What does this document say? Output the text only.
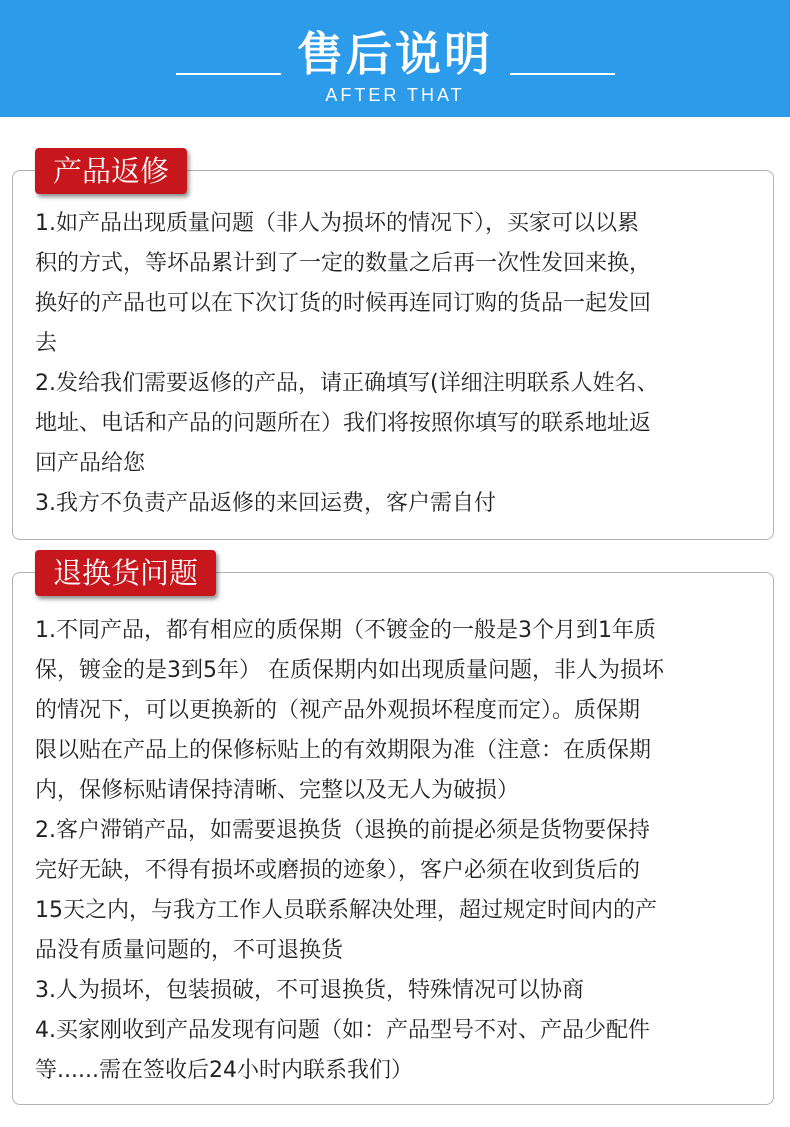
售后说明
AFTER THAT
产品返修

1.如产品出现质量问题（非人为损坏的情况下），买家可以以累
积的方式，等坏品累计到了一定的数量之后再一次性发回来换，
换好的产品也可以在下次订货的时候再连同订购的货品一起发回
去

2.发给我们需要返修的产品，请正确填写(详细注明联系人姓名、
地址、电话和产品的问题所在）我们将按照你填写的联系地址返
回产品给您

3.我方不负责产品返修的来回运费，客户需自付

退换货问题

1.不同产品，都有相应的质保期（不镀金的一般是3个月到1年质
保，镀金的是3到5年） 在质保期内如出现质量问题，非人为损坏
的情况下，可以更换新的（视产品外观损坏程度而定）。质保期
限以贴在产品上的保修标贴上的有效期限为准（注意：在质保期
内，保修标贴请保持清晰、完整以及无人为破损）

2.客户滞销产品，如需要退换货（退换的前提必须是货物要保持
完好无缺，不得有损坏或磨损的迹象），客户必须在收到货后的
15天之内，与我方工作人员联系解决处理，超过规定时间内的产
品没有质量问题的，不可退换货

3.人为损坏，包装损破，不可退换货，特殊情况可以协商

4.买家刚收到产品发现有问题（如：产品型号不对、产品少配件
等......需在签收后24小时内联系我们）
